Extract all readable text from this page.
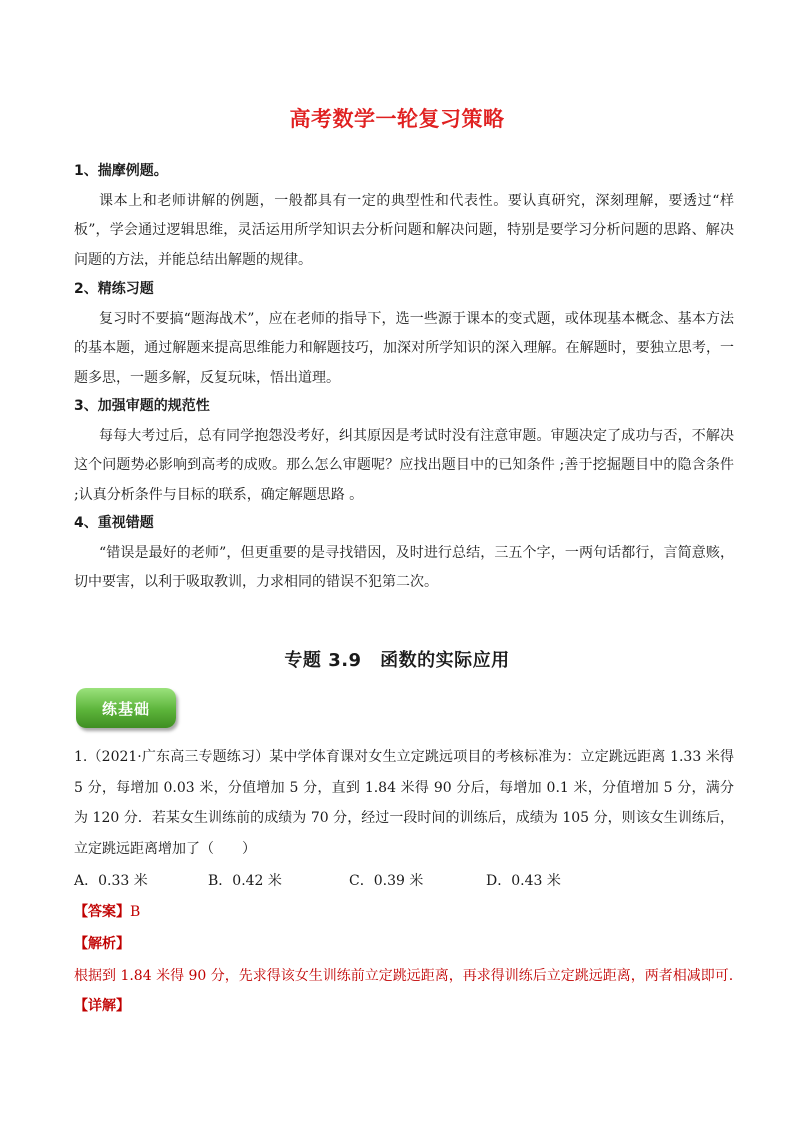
高考数学一轮复习策略
1、揣摩例题。
课本上和老师讲解的例题，一般都具有一定的典型性和代表性。要认真研究，深刻理解，要透过“样板”，学会通过逻辑思维，灵活运用所学知识去分析问题和解决问题，特别是要学习分析问题的思路、解决问题的方法，并能总结出解题的规律。
2、精练习题
复习时不要搞“题海战术”，应在老师的指导下，选一些源于课本的变式题，或体现基本概念、基本方法的基本题，通过解题来提高思维能力和解题技巧，加深对所学知识的深入理解。在解题时，要独立思考，一题多思，一题多解，反复玩味，悟出道理。
3、加强审题的规范性
每每大考过后，总有同学抱怨没考好，纠其原因是考试时没有注意审题。审题决定了成功与否，不解决这个问题势必影响到高考的成败。那么怎么审题呢？应找出题目中的已知条件 ;善于挖掘题目中的隐含条件 ;认真分析条件与目标的联系，确定解题思路 。
4、重视错题
“错误是最好的老师”，但更重要的是寻找错因，及时进行总结，三五个字，一两句话都行，言简意赅，切中要害，以利于吸取教训，力求相同的错误不犯第二次。
专题 3.9　函数的实际应用
练基础
1.（2021·广东高三专题练习）某中学体育课对女生立定跳远项目的考核标准为：立定跳远距离 1.33 米得 5 分，每增加 0.03 米，分值增加 5 分，直到 1.84 米得 90 分后，每增加 0.1 米，分值增加 5 分，满分为 120 分．若某女生训练前的成绩为 70 分，经过一段时间的训练后，成绩为 105 分，则该女生训练后，立定跳远距离增加了（　　）
A．0.33 米	B．0.42 米	C．0.39 米	D．0.43 米
【答案】B
【解析】
根据到 1.84 米得 90 分，先求得该女生训练前立定跳远距离，再求得训练后立定跳远距离，两者相减即可.
【详解】
